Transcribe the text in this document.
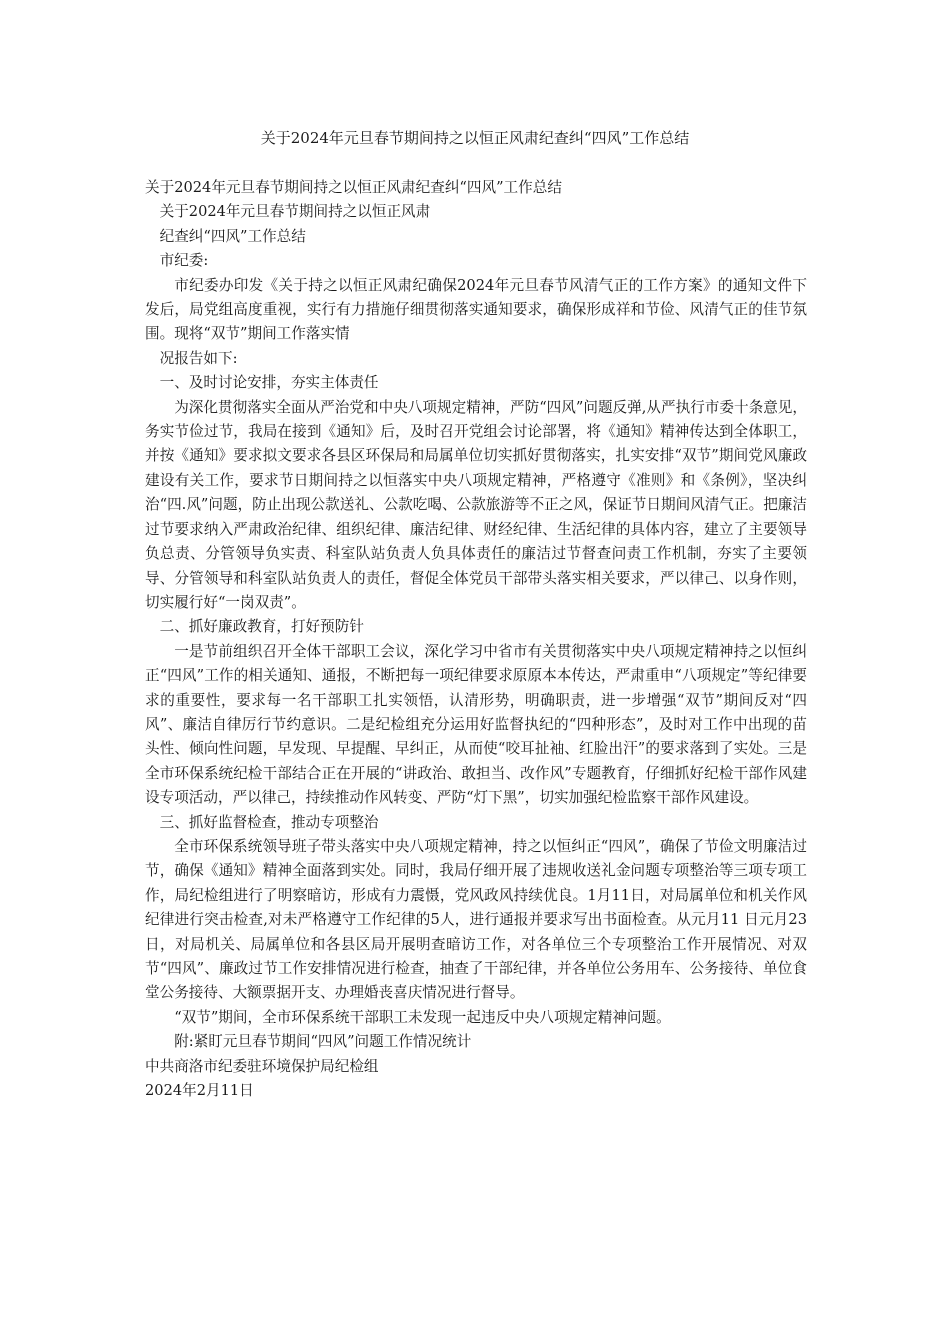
关于2024年元旦春节期间持之以恒正风肃纪查纠“四风”工作总结

关于2024年元旦春节期间持之以恒正风肃纪查纠“四风”工作总结

关于2024年元旦春节期间持之以恒正风肃

纪查纠“四风”工作总结

市纪委:

市纪委办印发《关于持之以恒正风肃纪确保2024年元旦春节风清气正的工作方案》的通知文件下发后，局党组高度重视，实行有力措施仔细贯彻落实通知要求，确保形成祥和节俭、风清气正的佳节氛围。现将“双节”期间工作落实情

况报告如下:

一、及时讨论安排，夯实主体责任

为深化贯彻落实全面从严治党和中央八项规定精神，严防“四风”问题反弹,从严执行市委十条意见，务实节俭过节，我局在接到《通知》后，及时召开党组会讨论部署，将《通知》精神传达到全体职工，并按《通知》要求拟文要求各县区环保局和局属单位切实抓好贯彻落实，扎实安排“双节”期间党风廉政建设有关工作，要求节日期间持之以恒落实中央八项规定精神，严格遵守《准则》和《条例》，坚决纠治“四.风”问题，防止出现公款送礼、公款吃喝、公款旅游等不正之风，保证节日期间风清气正。把廉洁过节要求纳入严肃政治纪律、组织纪律、廉洁纪律、财经纪律、生活纪律的具体内容，建立了主要领导负总责、分管领导负实责、科室队站负责人负具体责任的廉洁过节督查问责工作机制，夯实了主要领导、分管领导和科室队站负责人的责任，督促全体党员干部带头落实相关要求，严以律己、以身作则，切实履行好“一岗双责”。

二、抓好廉政教育，打好预防针

一是节前组织召开全体干部职工会议，深化学习中省市有关贯彻落实中央八项规定精神持之以恒纠正“四风”工作的相关通知、通报，不断把每一项纪律要求原原本本传达，严肃重申“八项规定”等纪律要求的重要性，要求每一名干部职工扎实领悟，认清形势，明确职责，进一步增强“双节”期间反对“四风”、廉洁自律厉行节约意识。二是纪检组充分运用好监督执纪的“四种形态”，及时对工作中出现的苗头性、倾向性问题，早发现、早提醒、早纠正，从而使“咬耳扯袖、红脸出汗”的要求落到了实处。三是全市环保系统纪检干部结合正在开展的“讲政治、敢担当、改作风”专题教育，仔细抓好纪检干部作风建设专项活动，严以律己，持续推动作风转变、严防“灯下黑”，切实加强纪检监察干部作风建设。

三、抓好监督检查，推动专项整治

全市环保系统领导班子带头落实中央八项规定精神，持之以恒纠正“四风”，确保了节俭文明廉洁过节，确保《通知》精神全面落到实处。同时，我局仔细开展了违规收送礼金问题专项整治等三项专项工作，局纪检组进行了明察暗访，形成有力震慑，党风政风持续优良。1月11日，对局属单位和机关作风纪律进行突击检查,对未严格遵守工作纪律的5人，进行通报并要求写出书面检查。从元月11 日元月23日，对局机关、局属单位和各县区局开展明查暗访工作，对各单位三个专项整治工作开展情况、对双节“四风”、廉政过节工作安排情况进行检查，抽查了干部纪律，并各单位公务用车、公务接待、单位食堂公务接待、大额票据开支、办理婚丧喜庆情况进行督导。

“双节”期间，全市环保系统干部职工未发现一起违反中央八项规定精神问题。

附:紧盯元旦春节期间“四风”问题工作情况统计

中共商洛市纪委驻环境保护局纪检组

2024年2月11日
